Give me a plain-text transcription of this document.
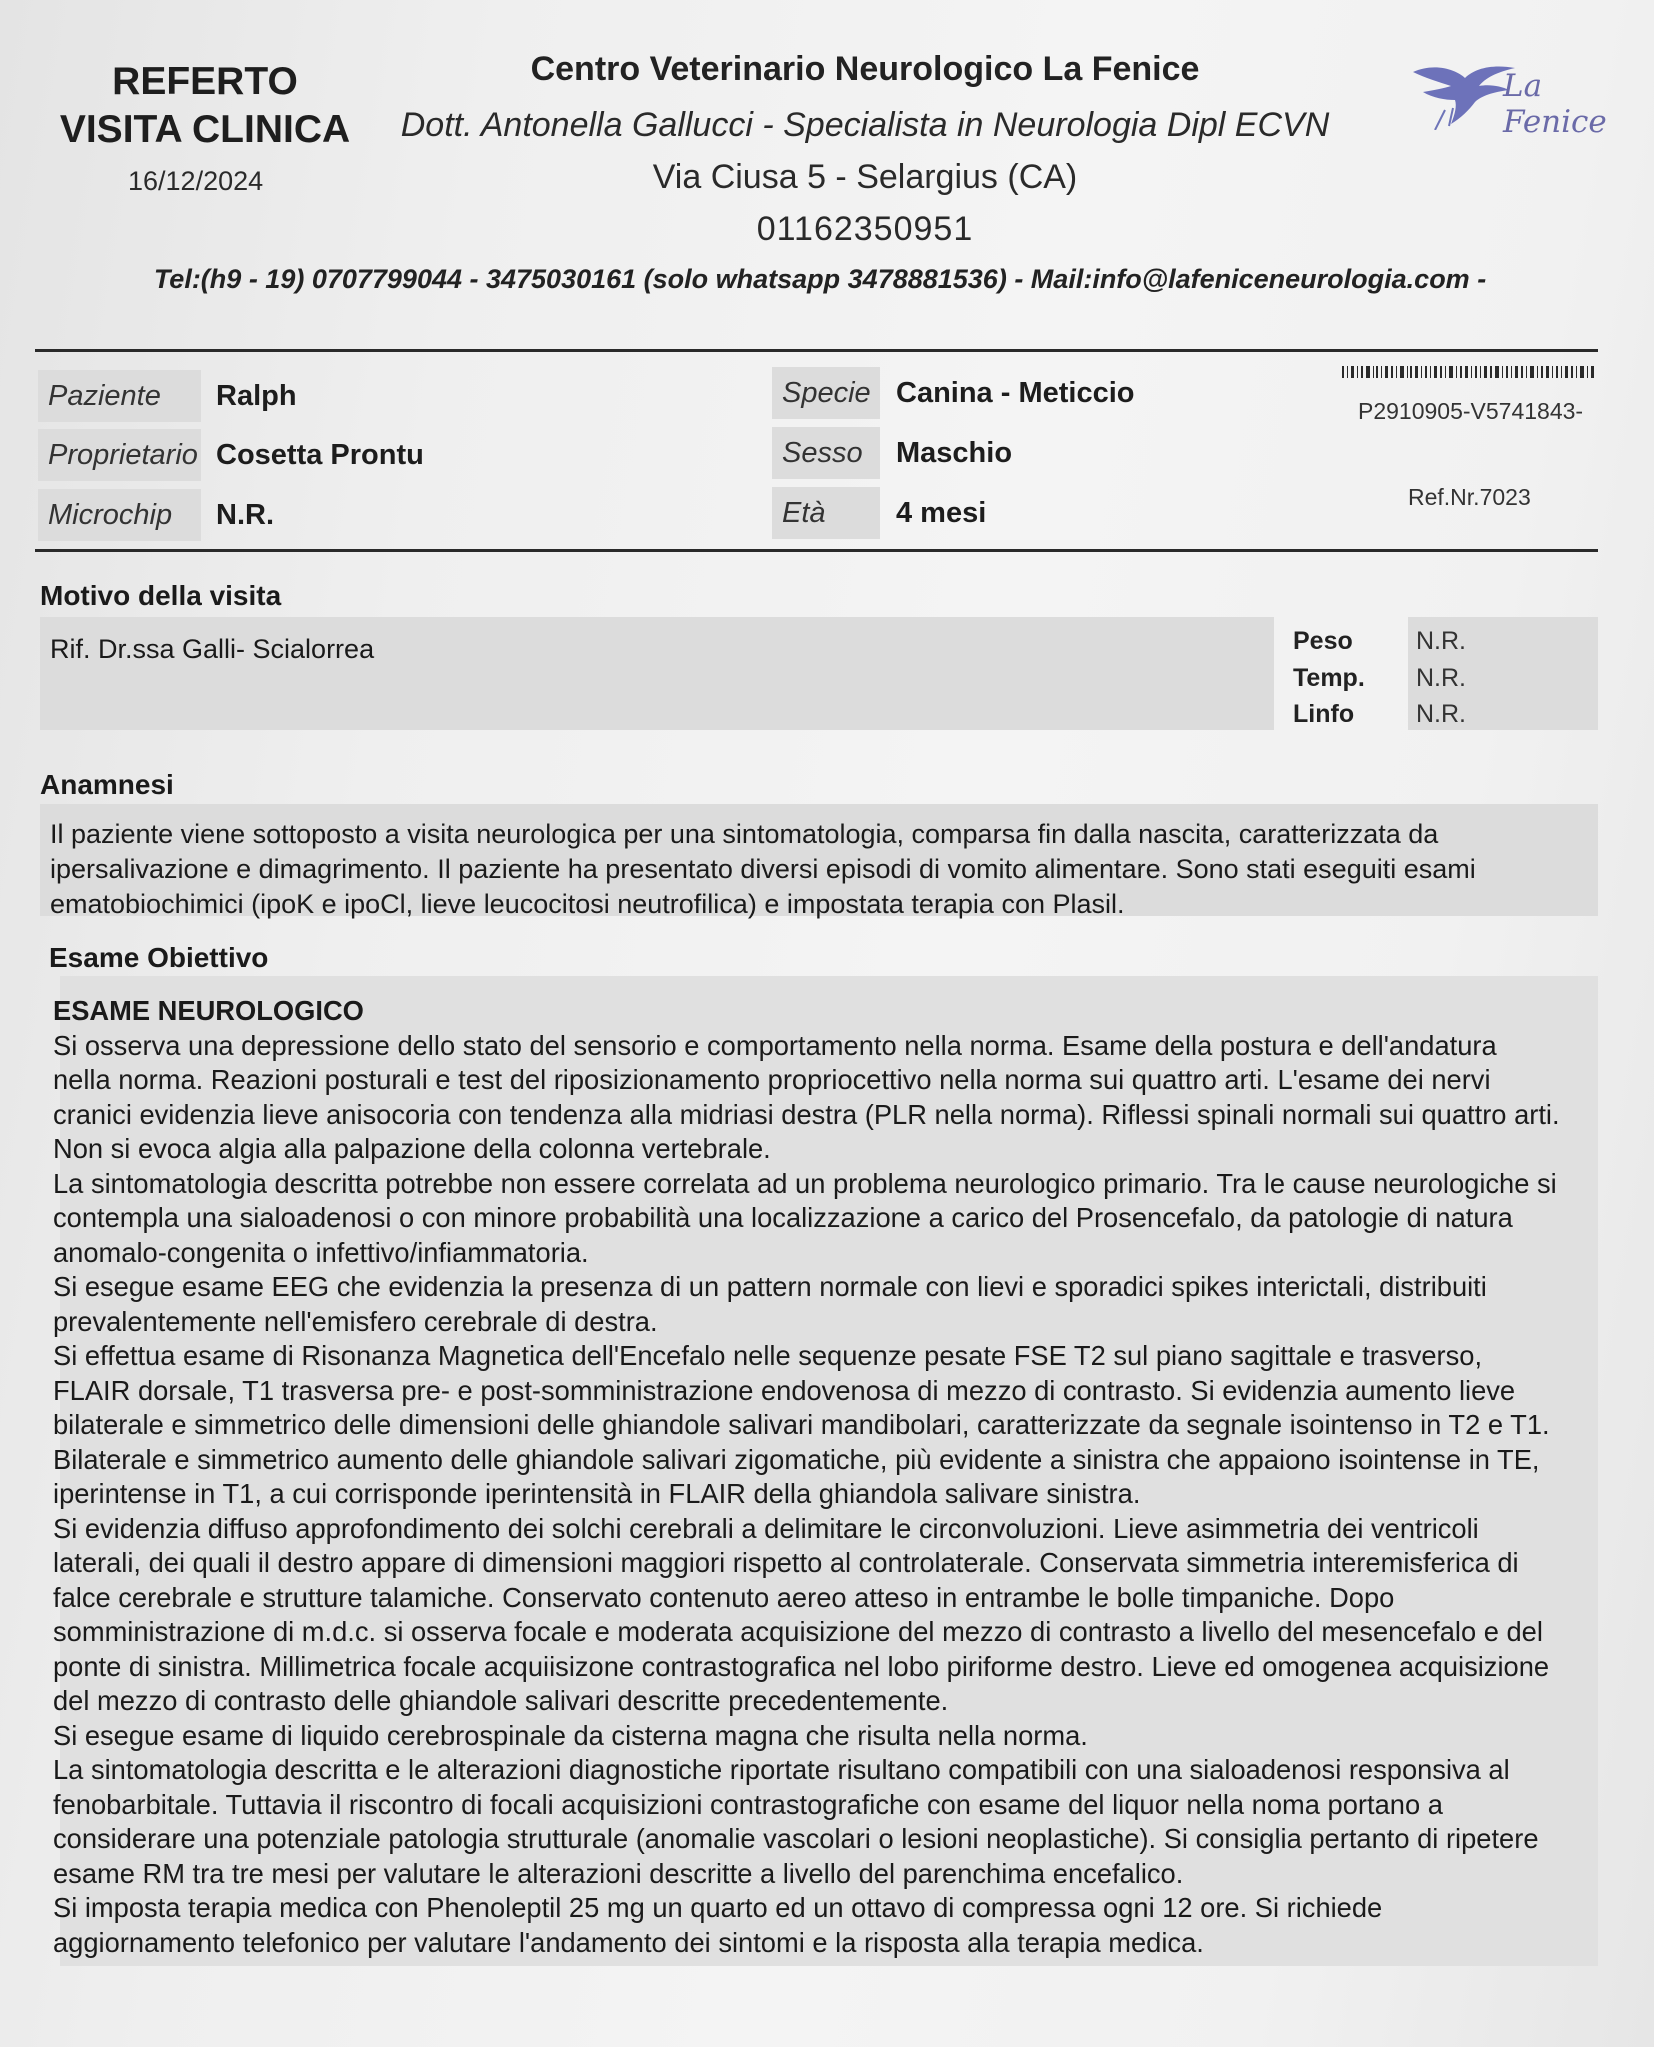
REFERTO
VISITA CLINICA
16/12/2024
Centro Veterinario Neurologico La Fenice
Dott. Antonella Gallucci - Specialista in Neurologia Dipl ECVN
Via Ciusa 5 - Selargius (CA)
01162350951
Tel:(h9 - 19) 0707799044 - 3475030161 (solo whatsapp 3478881536) - Mail:info@lafeniceneurologia.com -
La Fenice
Paziente	Ralph
Proprietario Cosetta Prontu
Microchip	N.R.
Specie Canina - Meticcio
Sesso	Maschio
Età	4 mesi
P2910905-V5741843-
Ref.Nr.7023
Motivo della visita
Rif. Dr.ssa Galli- Scialorrea	Peso	N.R.
Temp. N.R.
Linfo N.R.
Anamnesi
Il paziente viene sottoposto a visita neurologica per una sintomatologia, comparsa fin dalla nascita, caratterizzata da
ipersalivazione e dimagrimento. Il paziente ha presentato diversi episodi di vomito alimentare. Sono stati eseguiti esami
ematobiochimici (ipoK e ipoCl, lieve leucocitosi neutrofilica) e impostata terapia con Plasil.
Esame Obiettivo
ESAME NEUROLOGICO
Si osserva una depressione dello stato del sensorio e comportamento nella norma. Esame della postura e dell'andatura
nella norma. Reazioni posturali e test del riposizionamento propriocettivo nella norma sui quattro arti. L'esame dei nervi
cranici evidenzia lieve anisocoria con tendenza alla midriasi destra (PLR nella norma). Riflessi spinali normali sui quattro arti.
Non si evoca algia alla palpazione della colonna vertebrale.
La sintomatologia descritta potrebbe non essere correlata ad un problema neurologico primario. Tra le cause neurologiche si
contempla una sialoadenosi o con minore probabilità una localizzazione a carico del Prosencefalo, da patologie di natura
anomalo-congenita o infettivo/infiammatoria.
Si esegue esame EEG che evidenzia la presenza di un pattern normale con lievi e sporadici spikes interictali, distribuiti
prevalentemente nell'emisfero cerebrale di destra.
Si effettua esame di Risonanza Magnetica dell'Encefalo nelle sequenze pesate FSE T2 sul piano sagittale e trasverso,
FLAIR dorsale, T1 trasversa pre- e post-somministrazione endovenosa di mezzo di contrasto. Si evidenzia aumento lieve
bilaterale e simmetrico delle dimensioni delle ghiandole salivari mandibolari, caratterizzate da segnale isointenso in T2 e T1.
Bilaterale e simmetrico aumento delle ghiandole salivari zigomatiche, più evidente a sinistra che appaiono isointense in TE,
iperintense in T1, a cui corrisponde iperintensità in FLAIR della ghiandola salivare sinistra.
Si evidenzia diffuso approfondimento dei solchi cerebrali a delimitare le circonvoluzioni. Lieve asimmetria dei ventricoli
laterali, dei quali il destro appare di dimensioni maggiori rispetto al controlaterale. Conservata simmetria interemisferica di
falce cerebrale e strutture talamiche. Conservato contenuto aereo atteso in entrambe le bolle timpaniche. Dopo
somministrazione di m.d.c. si osserva focale e moderata acquisizione del mezzo di contrasto a livello del mesencefalo e del
ponte di sinistra. Millimetrica focale acquiisizone contrastografica nel lobo piriforme destro. Lieve ed omogenea acquisizione
del mezzo di contrasto delle ghiandole salivari descritte precedentemente.
Si esegue esame di liquido cerebrospinale da cisterna magna che risulta nella norma.
La sintomatologia descritta e le alterazioni diagnostiche riportate risultano compatibili con una sialoadenosi responsiva al
fenobarbitale. Tuttavia il riscontro di focali acquisizioni contrastografiche con esame del liquor nella noma portano a
considerare una potenziale patologia strutturale (anomalie vascolari o lesioni neoplastiche). Si consiglia pertanto di ripetere
esame RM tra tre mesi per valutare le alterazioni descritte a livello del parenchima encefalico.
Si imposta terapia medica con Phenoleptil 25 mg un quarto ed un ottavo di compressa ogni 12 ore. Si richiede
aggiornamento telefonico per valutare l'andamento dei sintomi e la risposta alla terapia medica.
